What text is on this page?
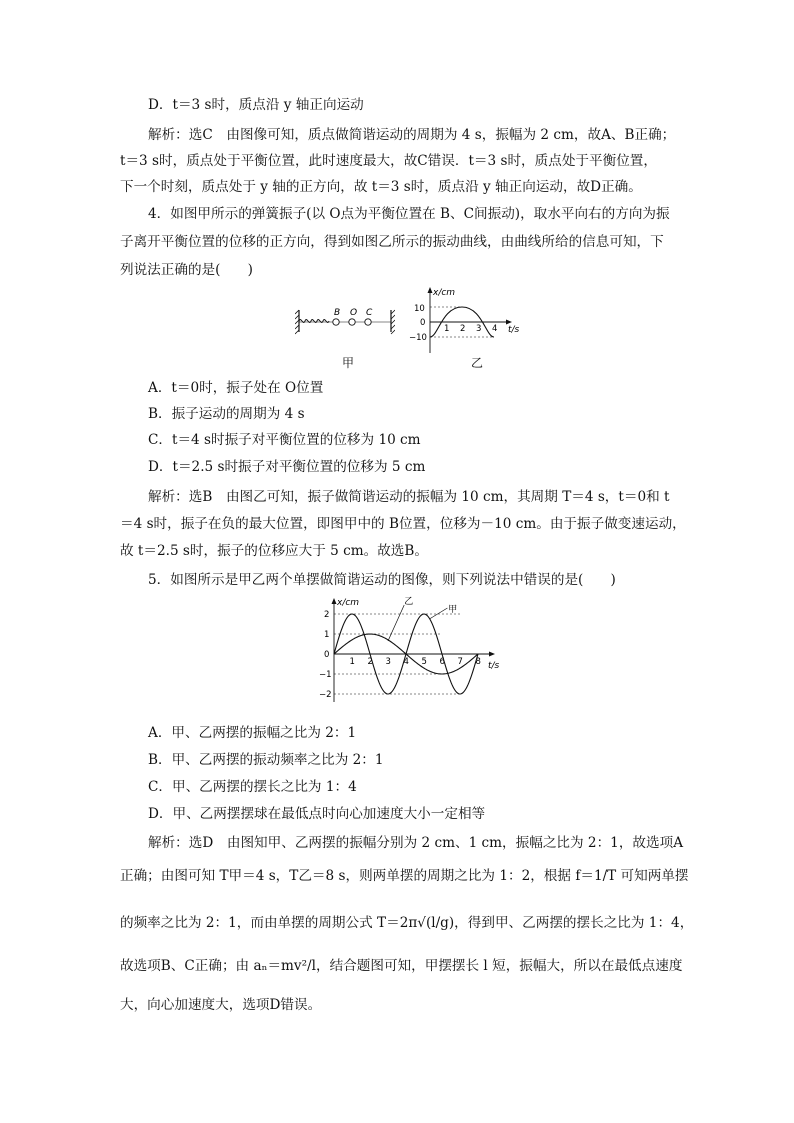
D．t＝3 s时，质点沿 y 轴正向运动
解析：选C　由图像可知，质点做简谐运动的周期为 4 s，振幅为 2 cm，故A、B正确；
t＝3 s时，质点处于平衡位置，此时速度最大，故C错误．t＝3 s时，质点处于平衡位置，
下一个时刻，质点处于 y 轴的正方向，故 t＝3 s时，质点沿 y 轴正向运动，故D正确。
4．如图甲所示的弹簧振子(以 O点为平衡位置在 B、C间振动)，取水平向右的方向为振
子离开平衡位置的位移的正方向，得到如图乙所示的振动曲线，由曲线所给的信息可知，下
列说法正确的是(　　)
B O C
甲
x/cm
t/s
10
0
−10
1 2 3 4
乙
A．t＝0时，振子处在 O位置
B．振子运动的周期为 4 s
C．t＝4 s时振子对平衡位置的位移为 10 cm
D．t＝2.5 s时振子对平衡位置的位移为 5 cm
解析：选B　由图乙可知，振子做简谐运动的振幅为 10 cm，其周期 T＝4 s，t＝0和 t
＝4 s时，振子在负的最大位置，即图甲中的 B位置，位移为－10 cm。由于振子做变速运动，
故 t＝2.5 s时，振子的位移应大于 5 cm。故选B。
5．如图所示是甲乙两个单摆做简谐运动的图像，则下列说法中错误的是(　　)
x/cm
t/s
2
1
0
−1
−2
1 2 3 4 5 6 7 8
甲
乙
A．甲、乙两摆的振幅之比为 2：1
B．甲、乙两摆的振动频率之比为 2：1
C．甲、乙两摆的摆长之比为 1：4
D．甲、乙两摆摆球在最低点时向心加速度大小一定相等
解析：选D　由图知甲、乙两摆的振幅分别为 2 cm、1 cm，振幅之比为 2：1，故选项A
正确；由图可知 T甲＝4 s，T乙＝8 s，则两单摆的周期之比为 1：2，根据 f＝1/T 可知两单摆
的频率之比为 2：1，而由单摆的周期公式 T＝2π√(l/g)，得到甲、乙两摆的摆长之比为 1：4，
故选项B、C正确；由 aₙ＝mv²/l，结合题图可知，甲摆摆长 l 短，振幅大，所以在最低点速度
大，向心加速度大，选项D错误。
